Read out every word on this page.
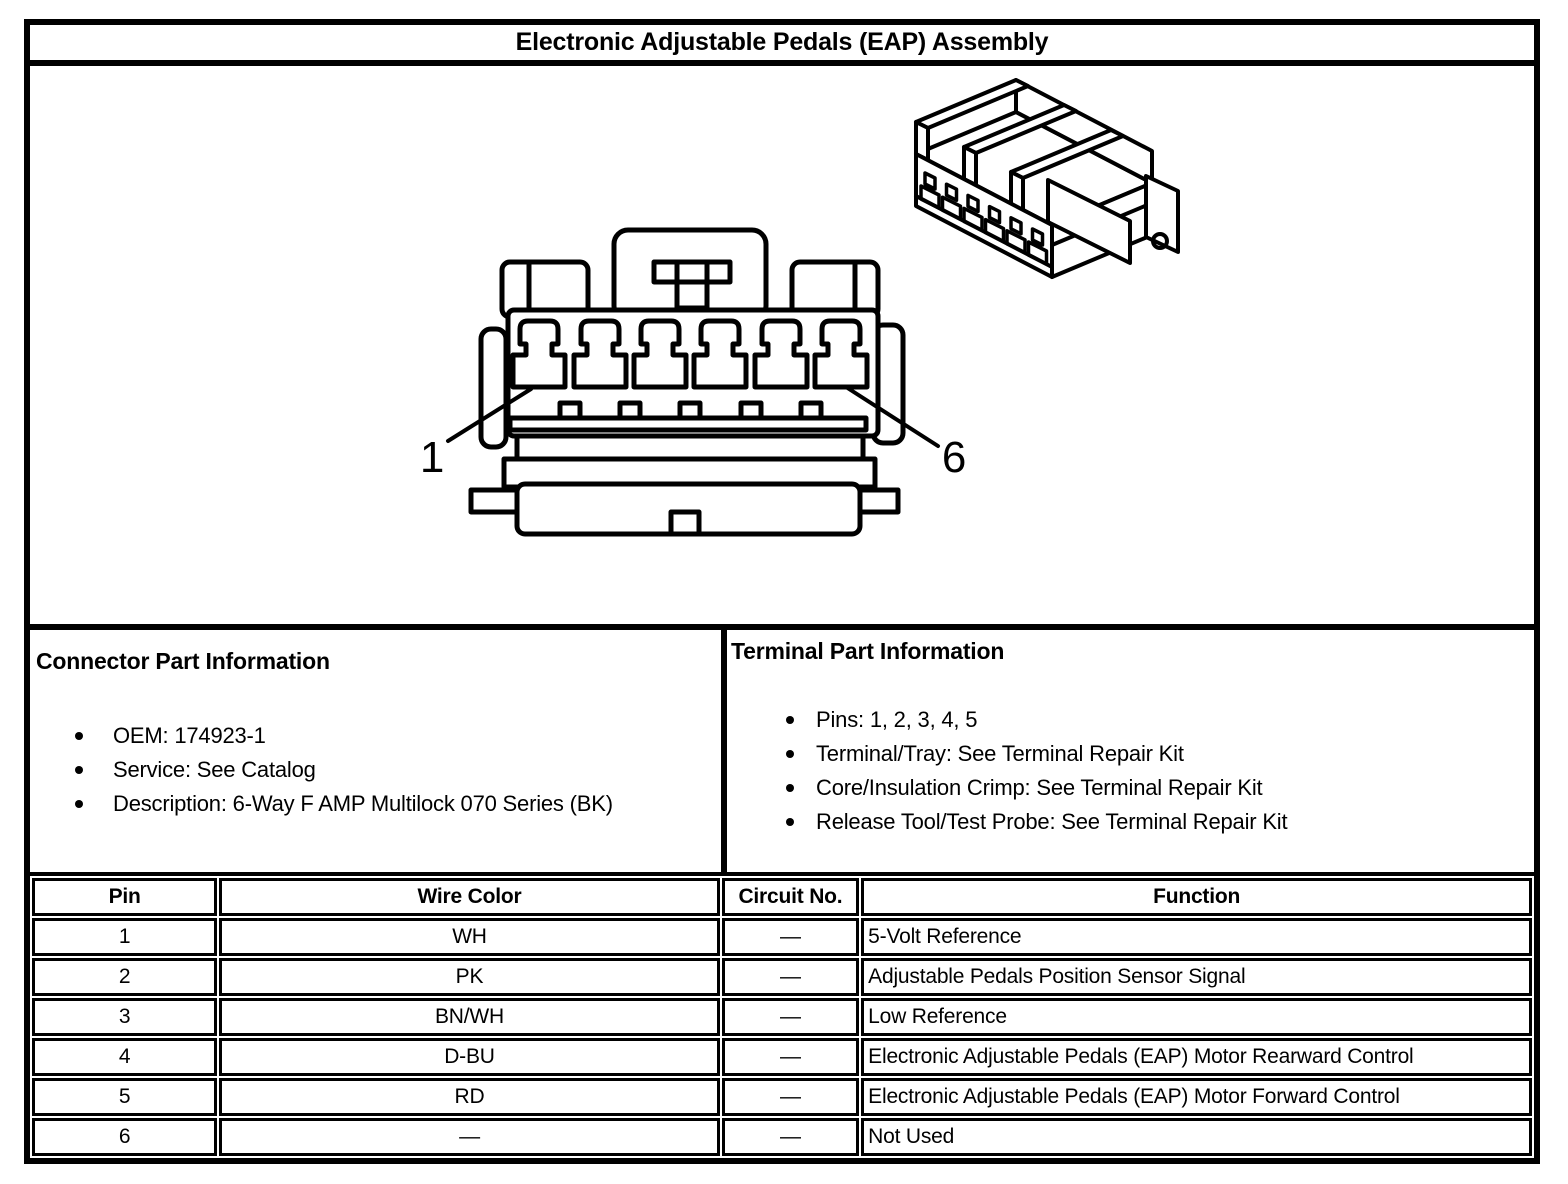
Electronic Adjustable Pedals (EAP) Assembly
1	6
Connector Part Information
OEM: 174923-1
Service: See Catalog
Description: 6-Way F AMP Multilock 070 Series (BK)
Terminal Part Information
Pins: 1, 2, 3, 4, 5
Terminal/Tray: See Terminal Repair Kit
Core/Insulation Crimp: See Terminal Repair Kit
Release Tool/Test Probe: See Terminal Repair Kit
Pin	Wire Color	Circuit No.	Function
1	WH	—	5-Volt Reference
2	PK	—	Adjustable Pedals Position Sensor Signal
3	BN/WH	—	Low Reference
4	D-BU	—	Electronic Adjustable Pedals (EAP) Motor Rearward Control
5	RD	—	Electronic Adjustable Pedals (EAP) Motor Forward Control
6	—	—	Not Used
